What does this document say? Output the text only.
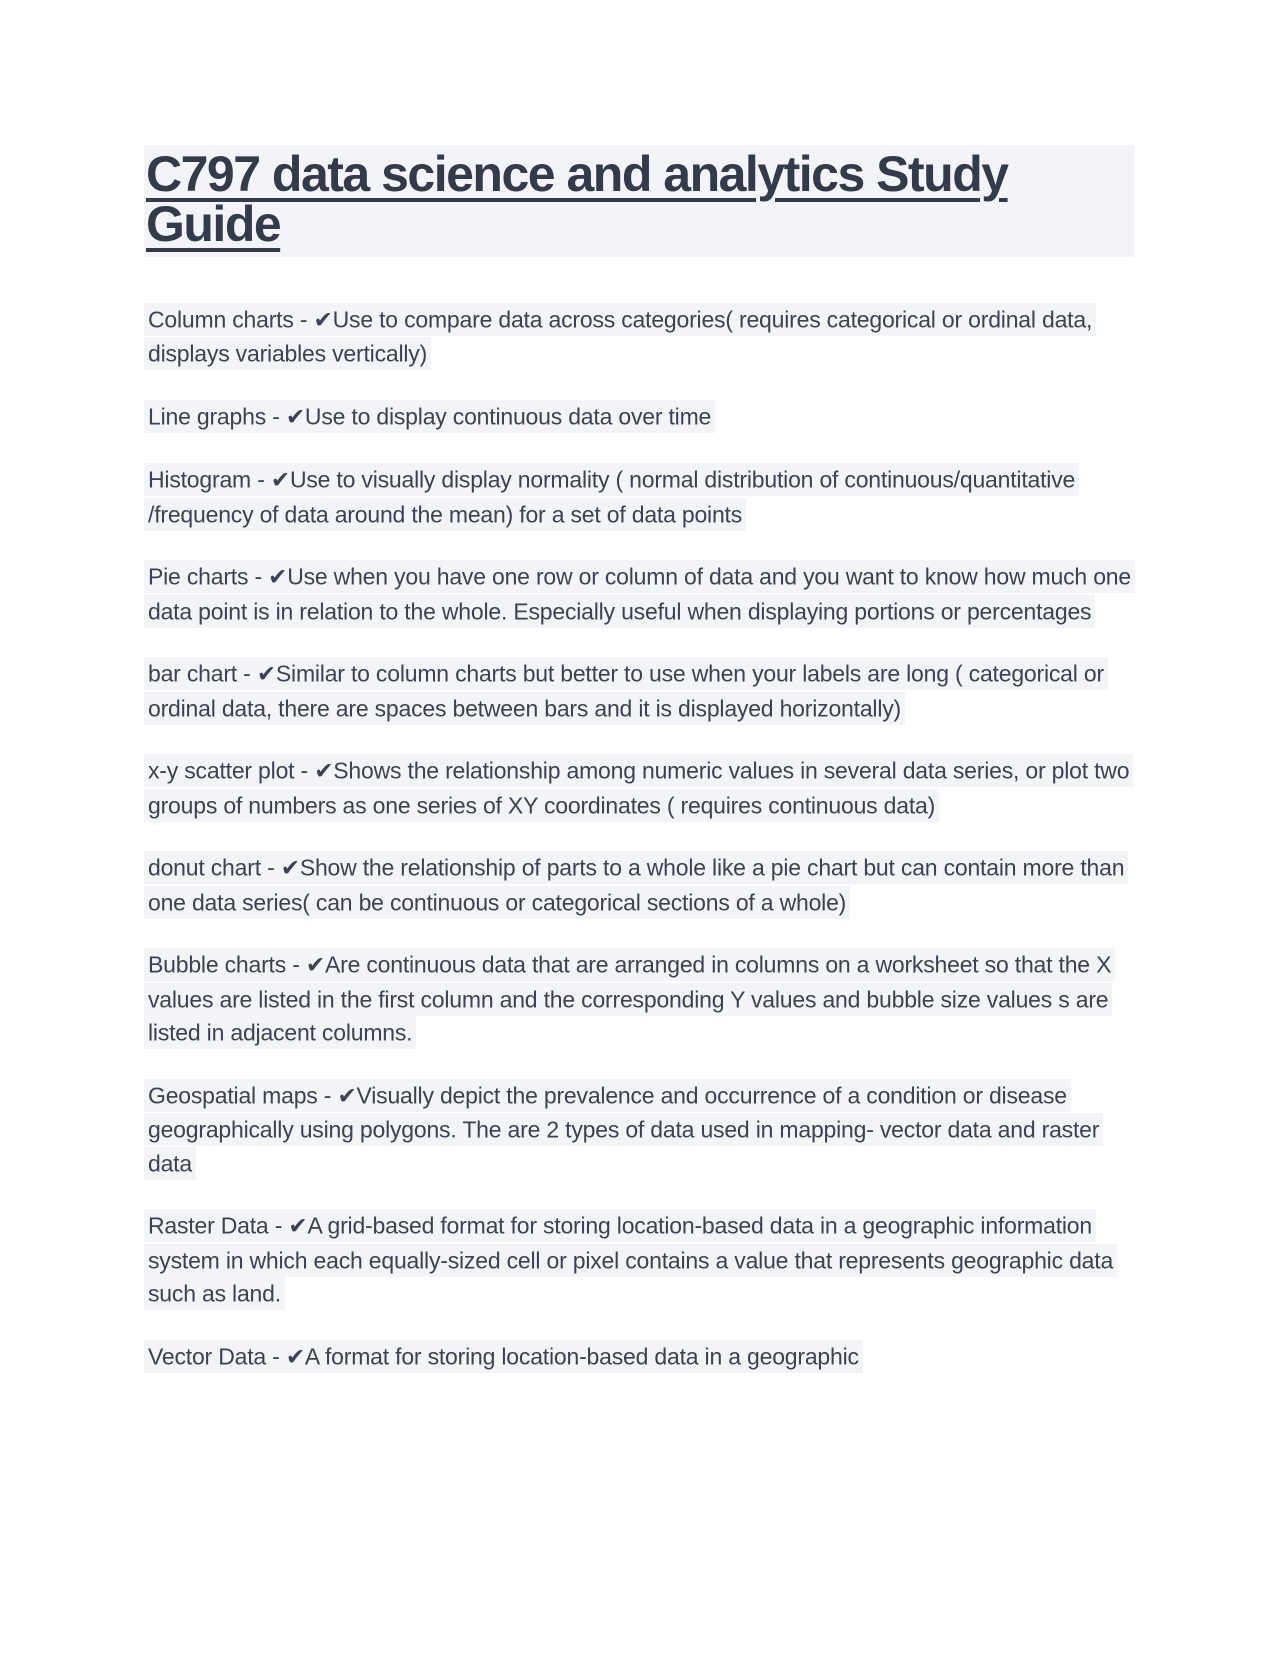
C797 data science and analytics Study Guide

Column charts - ✔Use to compare data across categories( requires categorical or ordinal data, displays variables vertically)

Line graphs - ✔Use to display continuous data over time

Histogram - ✔Use to visually display normality ( normal distribution of continuous/quantitative /frequency of data around the mean) for a set of data points

Pie charts - ✔Use when you have one row or column of data and you want to know how much one data point is in relation to the whole. Especially useful when displaying portions or percentages

bar chart - ✔Similar to column charts but better to use when your labels are long ( categorical or ordinal data, there are spaces between bars and it is displayed horizontally)

x-y scatter plot - ✔Shows the relationship among numeric values in several data series, or plot two groups of numbers as one series of XY coordinates ( requires continuous data)

donut chart - ✔Show the relationship of parts to a whole like a pie chart but can contain more than one data series( can be continuous or categorical sections of a whole)

Bubble charts - ✔Are continuous data that are arranged in columns on a worksheet so that the X values are listed in the first column and the corresponding Y values and bubble size values s are listed in adjacent columns.

Geospatial maps - ✔Visually depict the prevalence and occurrence of a condition or disease geographically using polygons. The are 2 types of data used in mapping- vector data and raster data

Raster Data - ✔A grid-based format for storing location-based data in a geographic information system in which each equally-sized cell or pixel contains a value that represents geographic data such as land.

Vector Data - ✔A format for storing location-based data in a geographic
